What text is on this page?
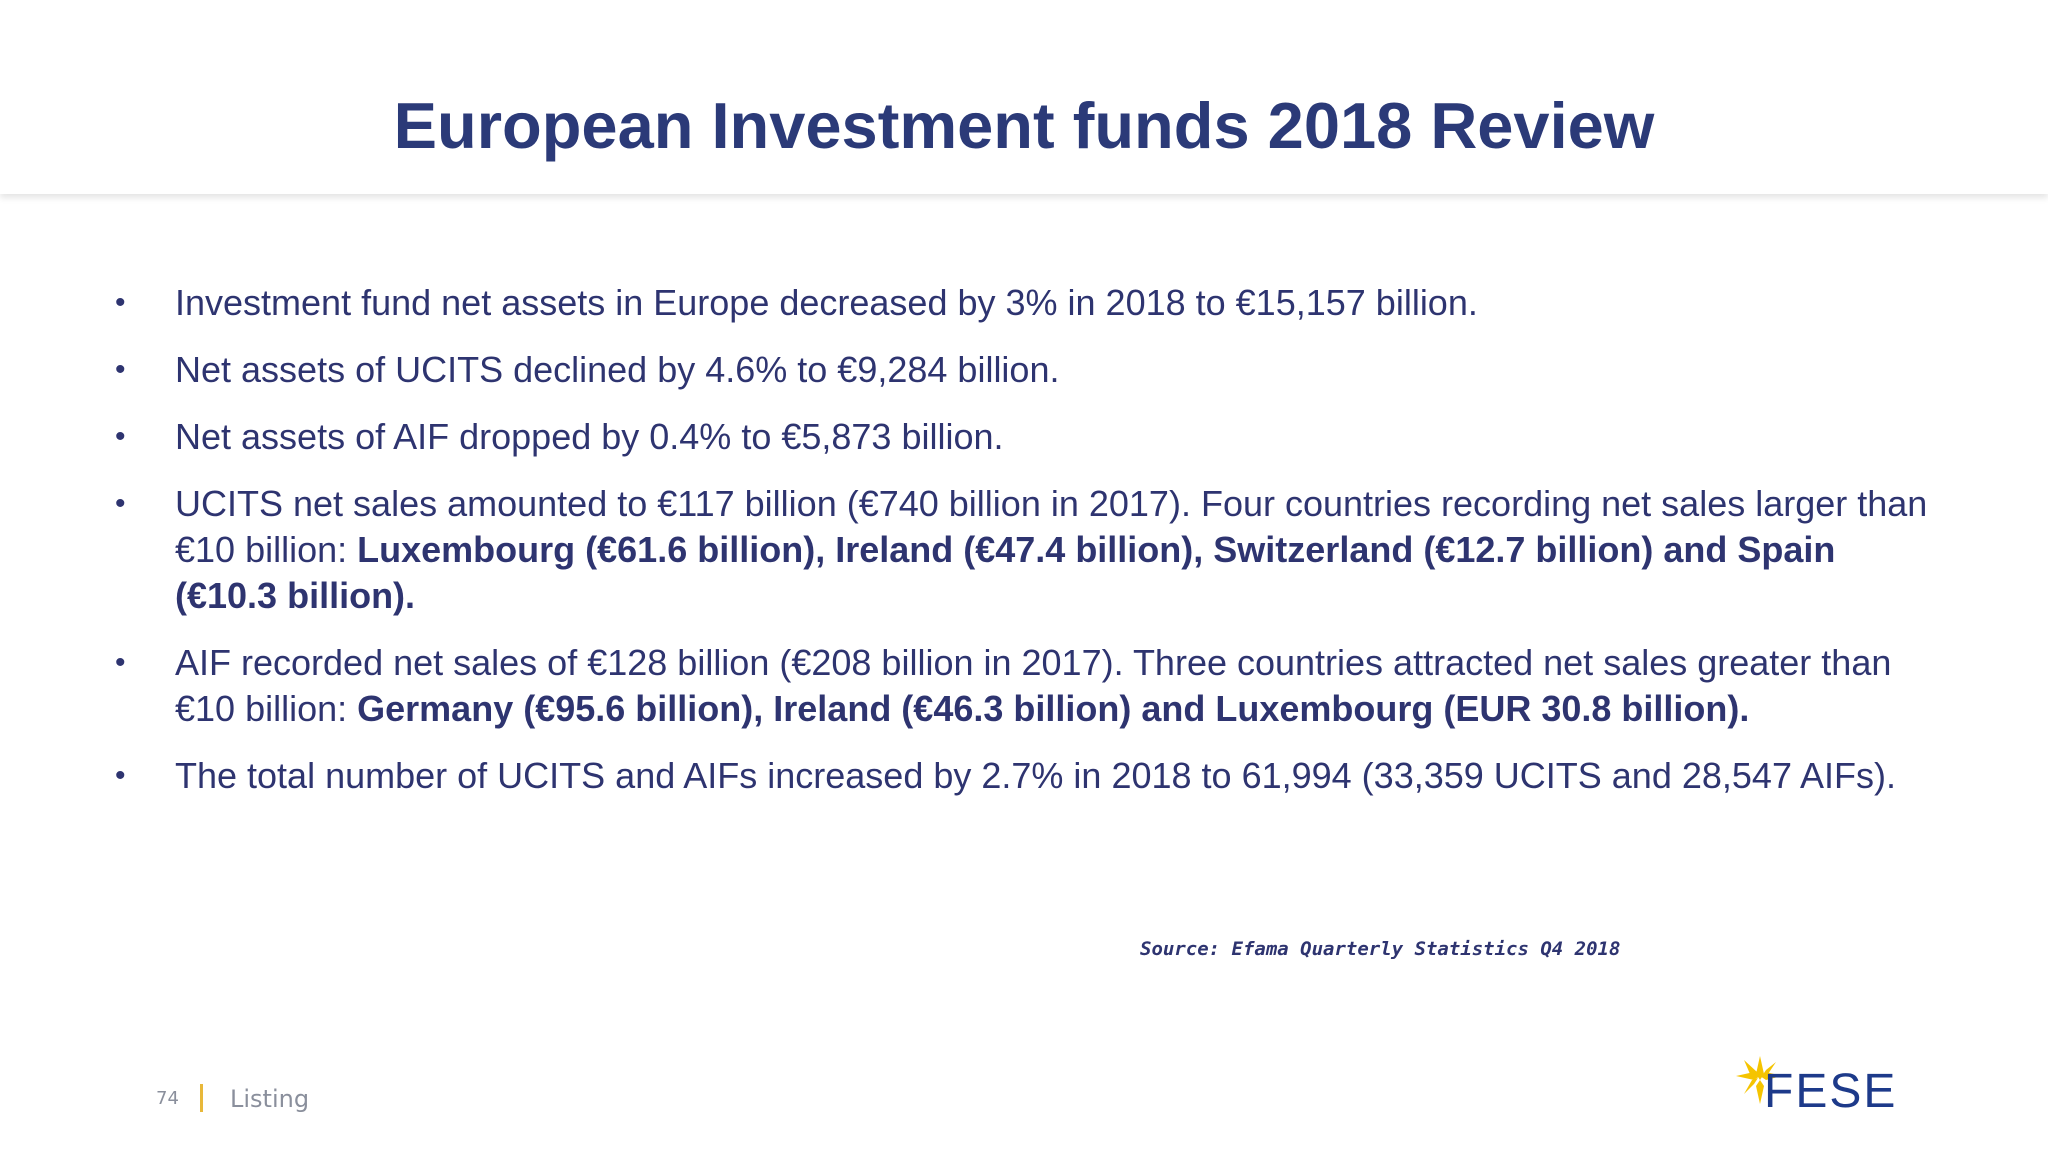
European Investment funds 2018 Review
• Investment fund net assets in Europe decreased by 3% in 2018 to €15,157 billion.
• Net assets of UCITS declined by 4.6% to €9,284 billion.
• Net assets of AIF dropped by 0.4% to €5,873 billion.
• UCITS net sales amounted to €117 billion (€740 billion in 2017). Four countries recording net sales larger than €10 billion: Luxembourg (€61.6 billion), Ireland (€47.4 billion), Switzerland (€12.7 billion) and Spain (€10.3 billion).
• AIF recorded net sales of €128 billion (€208 billion in 2017). Three countries attracted net sales greater than €10 billion: Germany (€95.6 billion), Ireland (€46.3 billion) and Luxembourg (EUR 30.8 billion).
• The total number of UCITS and AIFs increased by 2.7% in 2018 to 61,994 (33,359 UCITS and 28,547 AIFs).
Source: Efama Quarterly Statistics Q4 2018
74 Listing	FESE
